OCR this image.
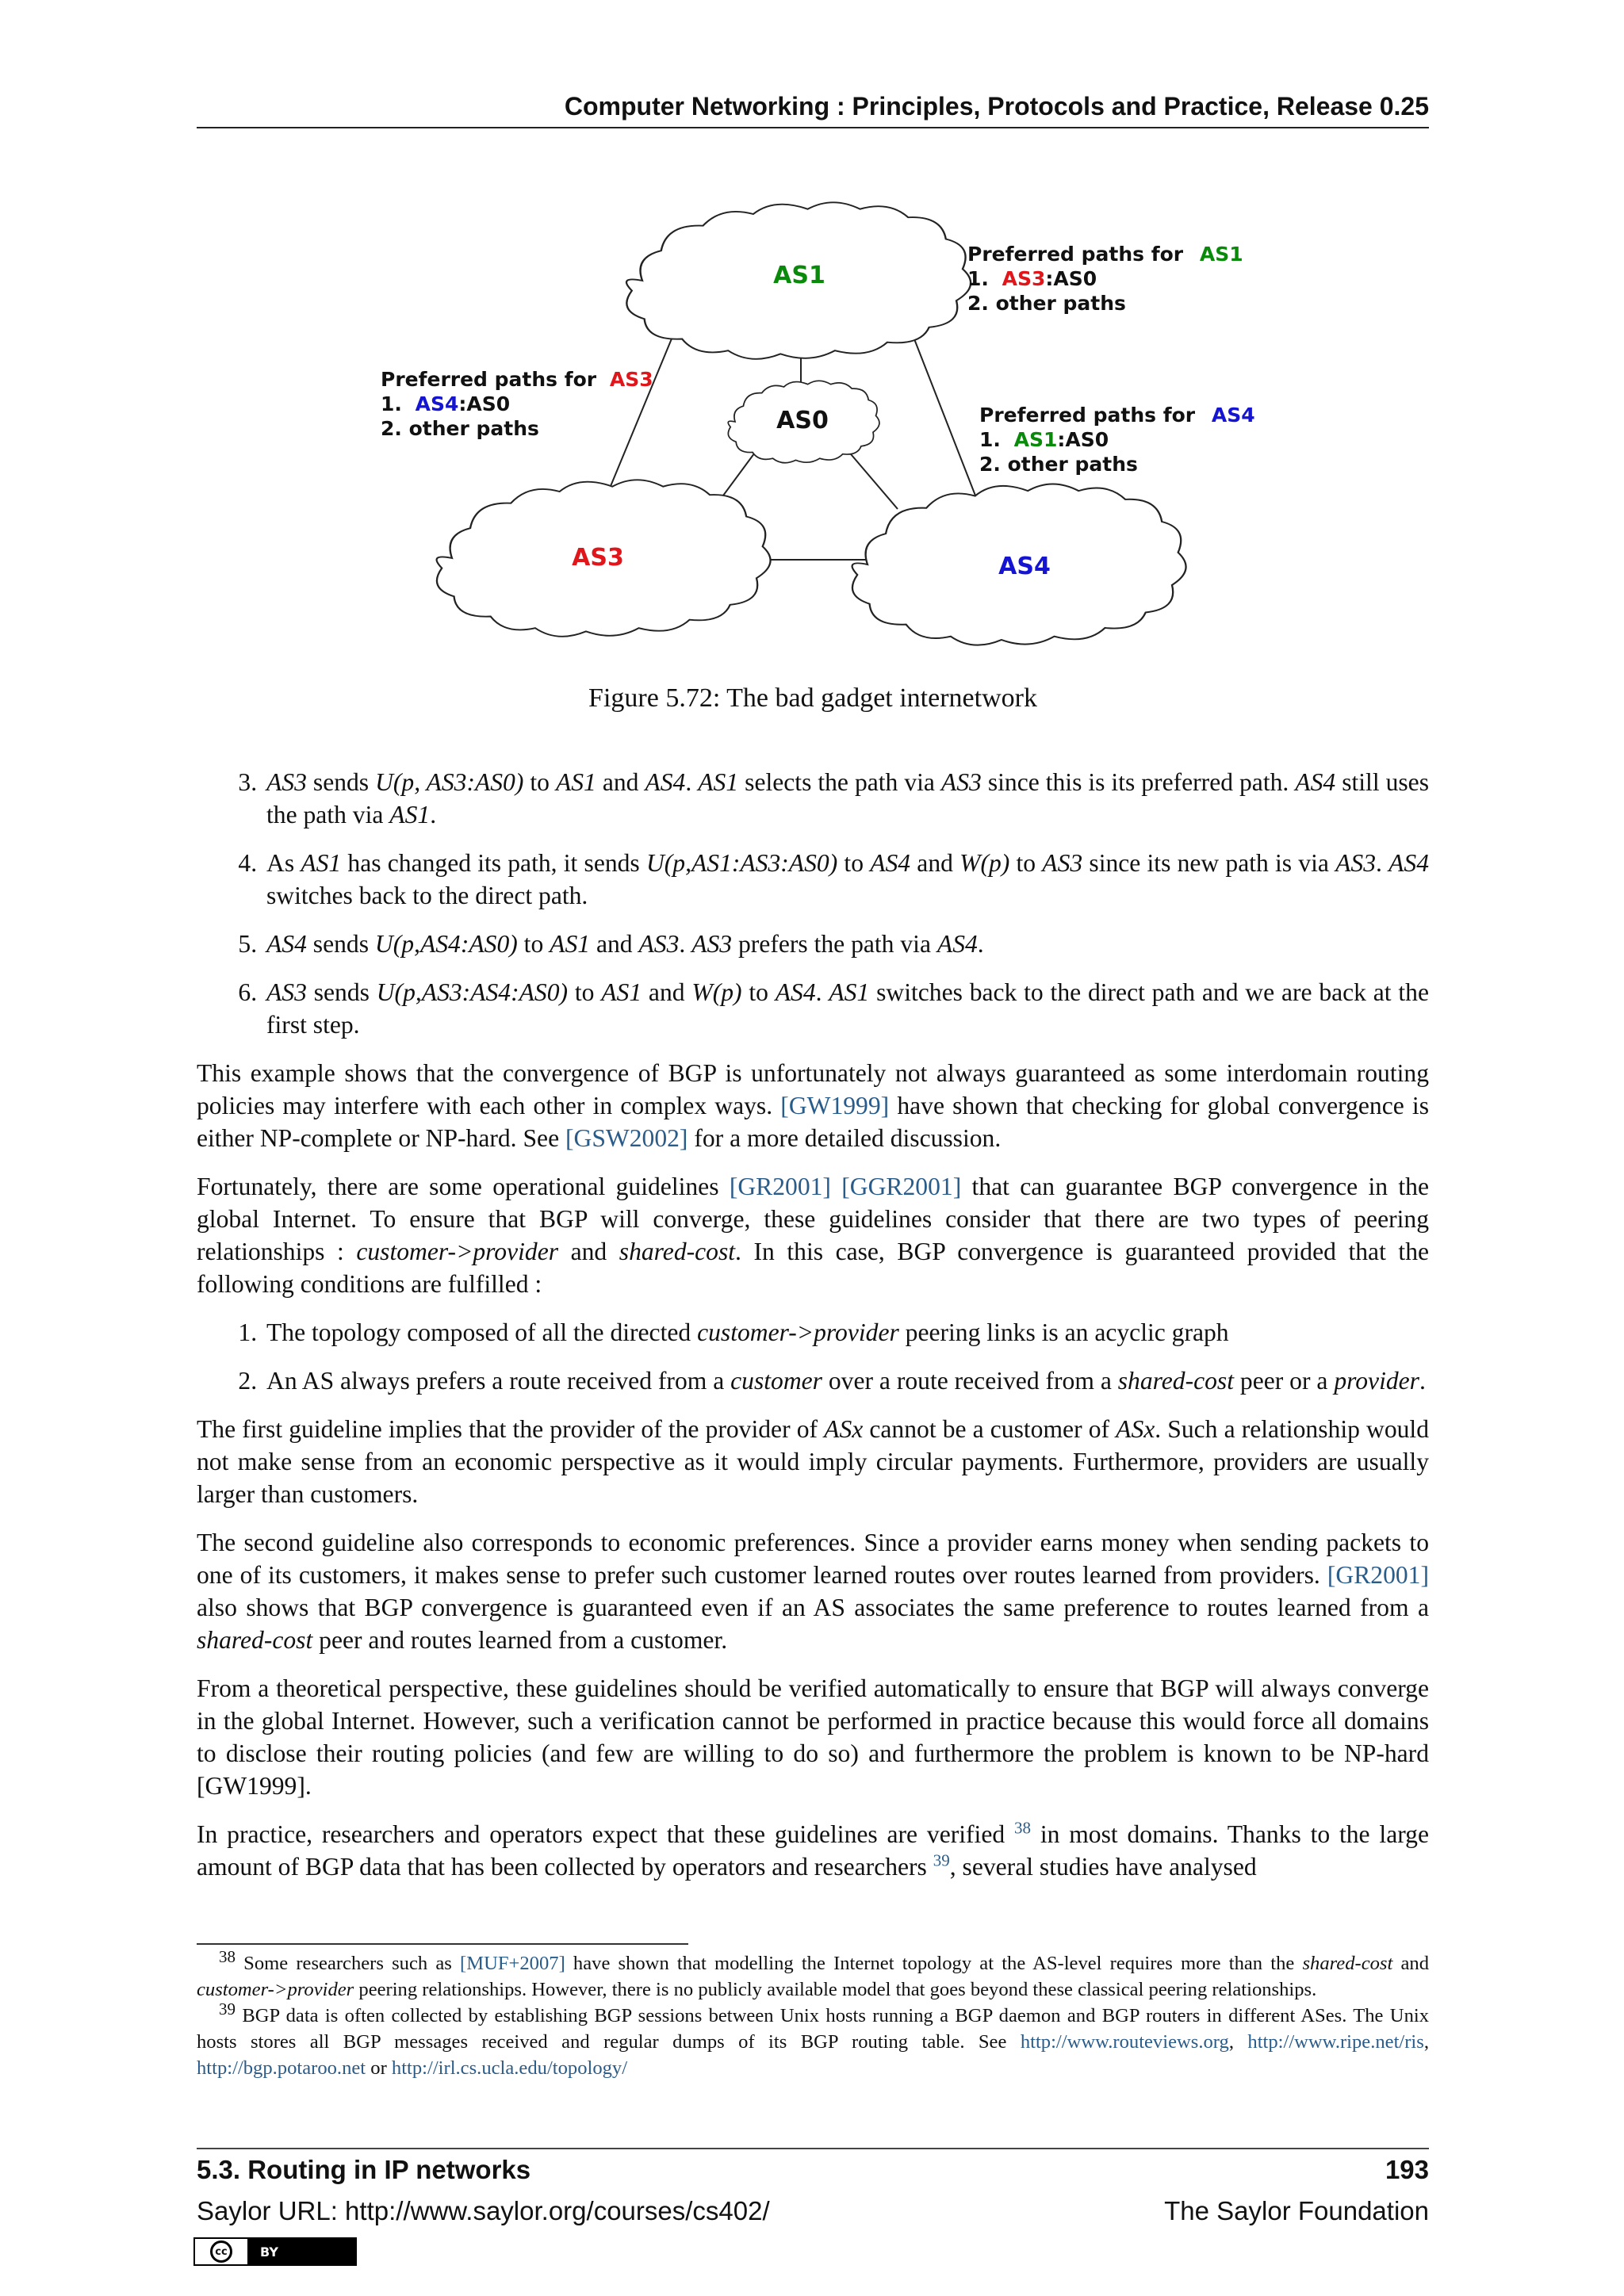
Computer Networking : Principles, Protocols and Practice, Release 0.25
AS1
AS0
AS3	AS4
Preferred paths for AS1
1. AS3:AS0
2. other paths
Preferred paths for AS3
1. AS4:AS0
2. other paths
Preferred paths for AS4
1. AS1:AS0
2. other paths
Figure 5.72: The bad gadget internetwork
3. AS3 sends U(p, AS3:AS0) to AS1 and AS4. AS1 selects the path via AS3 since this is its preferred path. AS4 still uses the path via AS1.
4. As AS1 has changed its path, it sends U(p,AS1:AS3:AS0) to AS4 and W(p) to AS3 since its new path is via AS3. AS4 switches back to the direct path.
5. AS4 sends U(p,AS4:AS0) to AS1 and AS3. AS3 prefers the path via AS4.
6. AS3 sends U(p,AS3:AS4:AS0) to AS1 and W(p) to AS4. AS1 switches back to the direct path and we are back at the first step.

This example shows that the convergence of BGP is unfortunately not always guaranteed as some interdomain routing policies may interfere with each other in complex ways. [GW1999] have shown that checking for global convergence is either NP-complete or NP-hard. See [GSW2002] for a more detailed discussion.

Fortunately, there are some operational guidelines [GR2001] [GGR2001] that can guarantee BGP convergence in the global Internet. To ensure that BGP will converge, these guidelines consider that there are two types of peering relationships : customer->provider and shared-cost. In this case, BGP convergence is guaranteed provided that the following conditions are fulfilled :

1. The topology composed of all the directed customer->provider peering links is an acyclic graph
2. An AS always prefers a route received from a customer over a route received from a shared-cost peer or a provider.

The first guideline implies that the provider of the provider of ASx cannot be a customer of ASx. Such a relationship would not make sense from an economic perspective as it would imply circular payments. Furthermore, providers are usually larger than customers.

The second guideline also corresponds to economic preferences. Since a provider earns money when sending packets to one of its customers, it makes sense to prefer such customer learned routes over routes learned from providers. [GR2001] also shows that BGP convergence is guaranteed even if an AS associates the same preference to routes learned from a shared-cost peer and routes learned from a customer.

From a theoretical perspective, these guidelines should be verified automatically to ensure that BGP will always converge in the global Internet. However, such a verification cannot be performed in practice because this would force all domains to disclose their routing policies (and few are willing to do so) and furthermore the problem is known to be NP-hard [GW1999].

In practice, researchers and operators expect that these guidelines are verified $^{38}$ in most domains. Thanks to the large amount of BGP data that has been collected by operators and researchers $^{39}$, several studies have analysed

$^{38}$ Some researchers such as [MUF+2007] have shown that modelling the Internet topology at the AS-level requires more than the shared-cost and customer->provider peering relationships. However, there is no publicly available model that goes beyond these classical peering relationships.

$^{39}$ BGP data is often collected by establishing BGP sessions between Unix hosts running a BGP daemon and BGP routers in different ASes. The Unix hosts stores all BGP messages received and regular dumps of its BGP routing table. See http://www.routeviews.org, http://www.ripe.net/ris, http://bgp.potaroo.net or http://irl.cs.ucla.edu/topology/

5.3. Routing in IP networks	193
Saylor URL: http://www.saylor.org/courses/cs402/	The Saylor Foundation
cc	BY
